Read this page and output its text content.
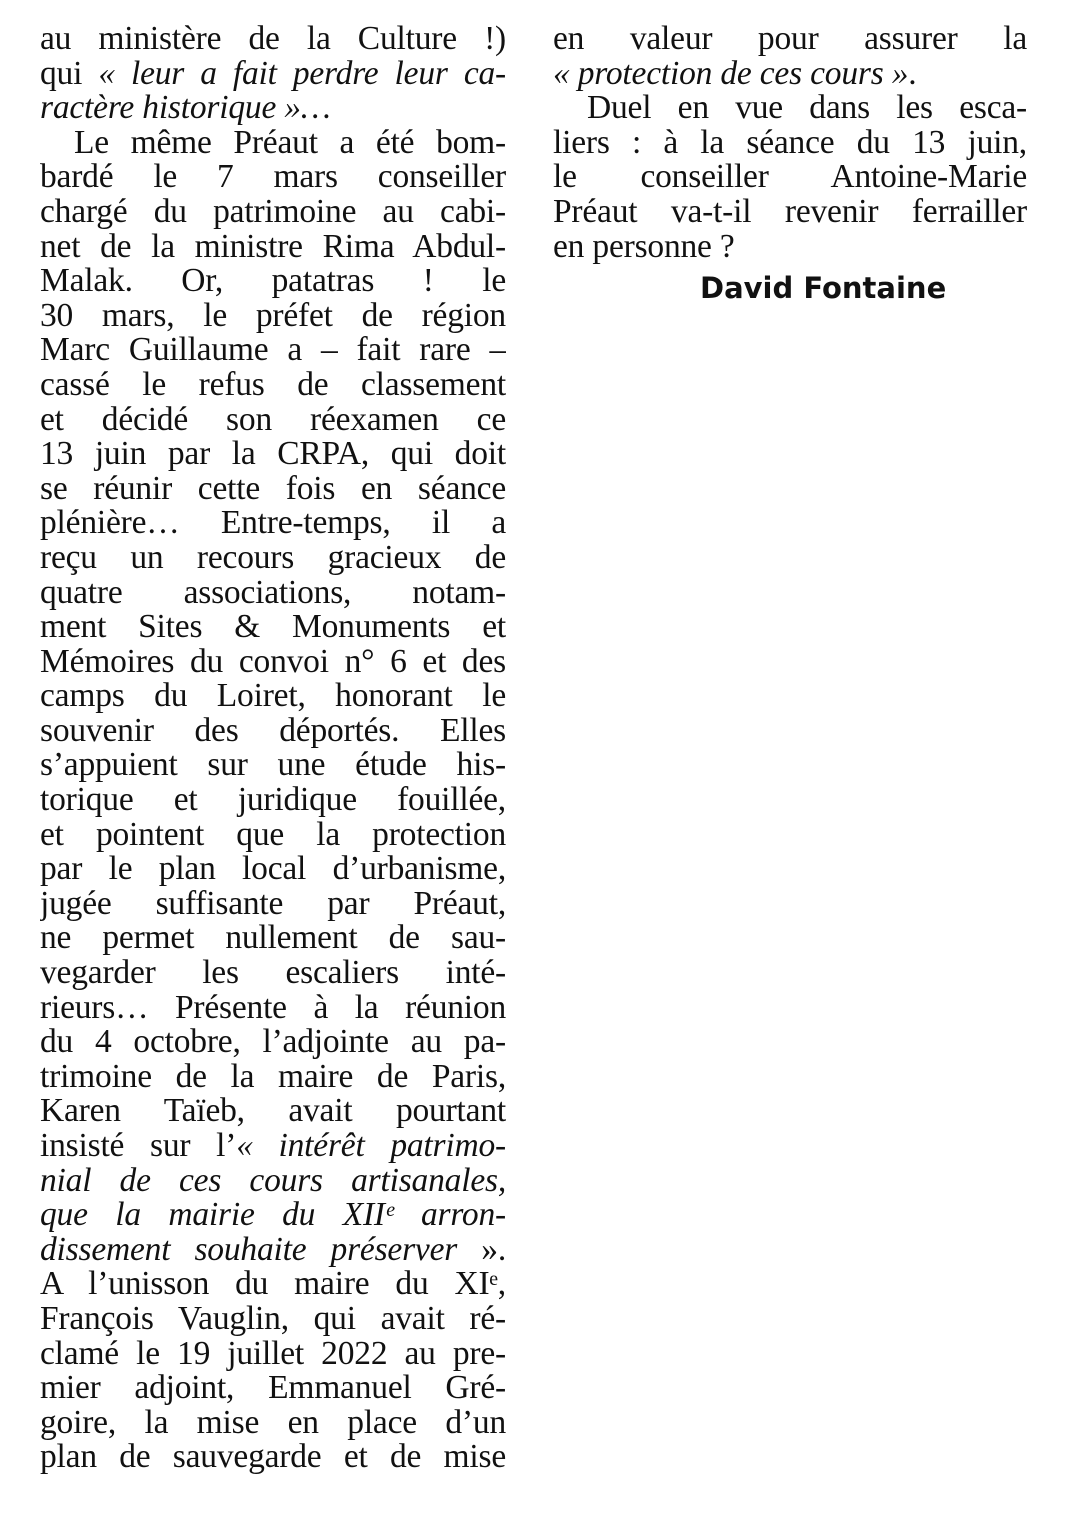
au ministère de la Culture !)
qui « leur a fait perdre leur ca-
ractère historique »…
Le même Préaut a été bom-
bardé le 7 mars conseiller
chargé du patrimoine au cabi-
net de la ministre Rima Abdul-
Malak. Or, patatras ! le
30 mars, le préfet de région
Marc Guillaume a – fait rare –
cassé le refus de classement
et décidé son réexamen ce
13 juin par la CRPA, qui doit
se réunir cette fois en séance
plénière… Entre-temps, il a
reçu un recours gracieux de
quatre associations, notam-
ment Sites & Monuments et
Mémoires du convoi n° 6 et des
camps du Loiret, honorant le
souvenir des déportés. Elles
s’appuient sur une étude his-
torique et juridique fouillée,
et pointent que la protection
par le plan local d’urbanisme,
jugée suffisante par Préaut,
ne permet nullement de sau-
vegarder les escaliers inté-
rieurs… Présente à la réunion
du 4 octobre, l’adjointe au pa-
trimoine de la maire de Paris,
Karen Taïeb, avait pourtant
insisté sur l’« intérêt patrimo-
nial de ces cours artisanales,
que la mairie du XIIᵉ arron-
dissement souhaite préserver ».
A l’unisson du maire du XIᵉ,
François Vauglin, qui avait ré-
clamé le 19 juillet 2022 au pre-
mier adjoint, Emmanuel Gré-
goire, la mise en place d’un
plan de sauvegarde et de mise
en valeur pour assurer la
« protection de ces cours ».
Duel en vue dans les esca-
liers : à la séance du 13 juin,
le conseiller Antoine-Marie
Préaut va-t-il revenir ferrailler
en personne ?
David Fontaine
